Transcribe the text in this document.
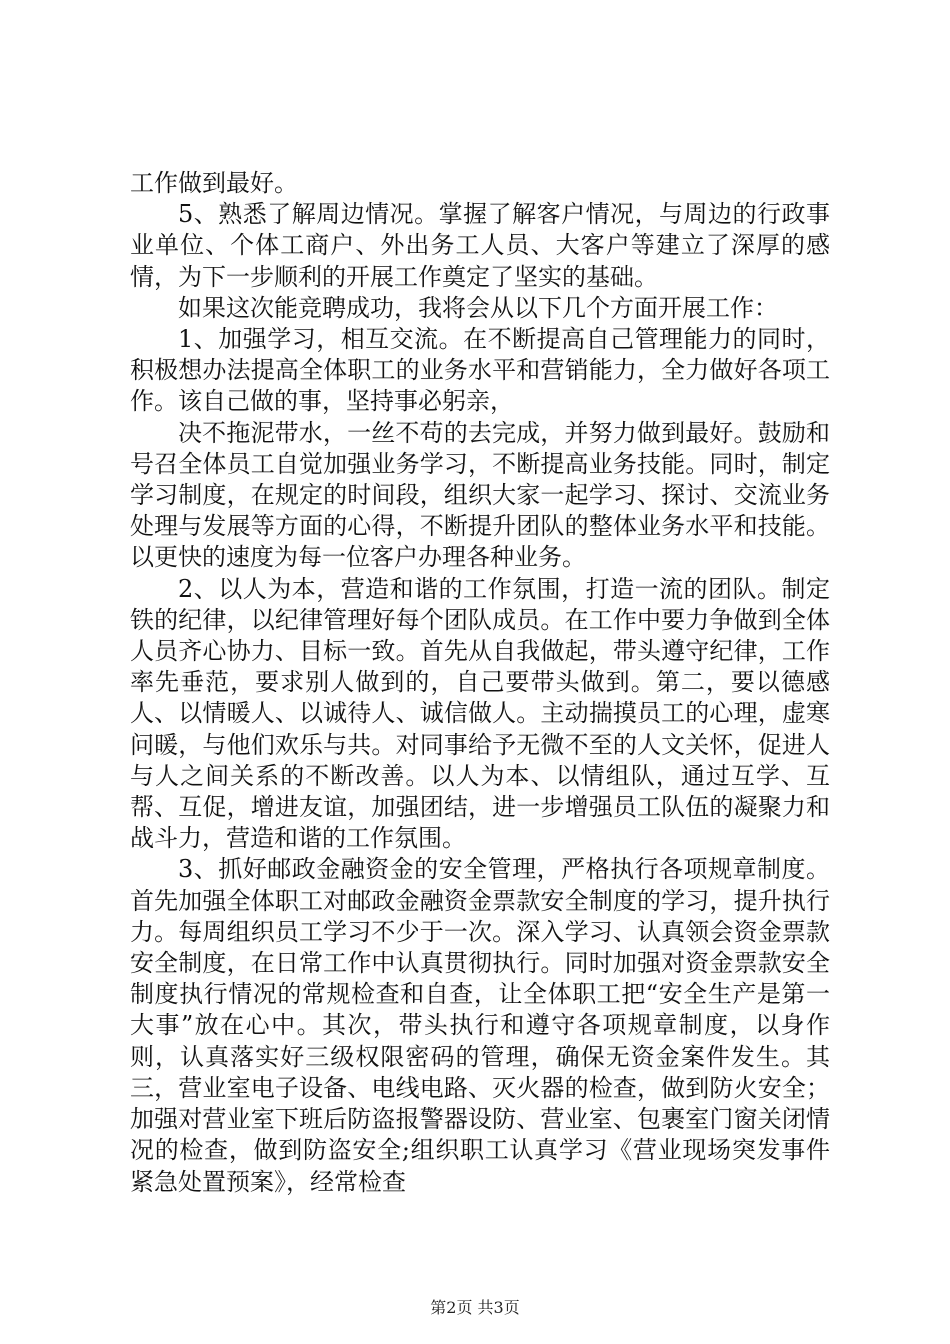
工作做到最好。

5、熟悉了解周边情况。掌握了解客户情况，与周边的行政事业单位、个体工商户、外出务工人员、大客户等建立了深厚的感情，为下一步顺利的开展工作奠定了坚实的基础。

如果这次能竞聘成功，我将会从以下几个方面开展工作：

1、加强学习，相互交流。在不断提高自己管理能力的同时，积极想办法提高全体职工的业务水平和营销能力，全力做好各项工作。该自己做的事，坚持事必躬亲，

决不拖泥带水，一丝不苟的去完成，并努力做到最好。鼓励和号召全体员工自觉加强业务学习，不断提高业务技能。同时，制定学习制度，在规定的时间段，组织大家一起学习、探讨、交流业务处理与发展等方面的心得，不断提升团队的整体业务水平和技能。以更快的速度为每一位客户办理各种业务。

2、以人为本，营造和谐的工作氛围，打造一流的团队。制定铁的纪律，以纪律管理好每个团队成员。在工作中要力争做到全体人员齐心协力、目标一致。首先从自我做起，带头遵守纪律，工作率先垂范，要求别人做到的，自己要带头做到。第二，要以德感人、以情暖人、以诚待人、诚信做人。主动揣摸员工的心理，虚寒问暖，与他们欢乐与共。对同事给予无微不至的人文关怀，促进人与人之间关系的不断改善。以人为本、以情组队，通过互学、互帮、互促，增进友谊，加强团结，进一步增强员工队伍的凝聚力和战斗力，营造和谐的工作氛围。

3、抓好邮政金融资金的安全管理，严格执行各项规章制度。首先加强全体职工对邮政金融资金票款安全制度的学习，提升执行力。每周组织员工学习不少于一次。深入学习、认真领会资金票款安全制度，在日常工作中认真贯彻执行。同时加强对资金票款安全制度执行情况的常规检查和自查，让全体职工把“安全生产是第一大事”放在心中。其次，带头执行和遵守各项规章制度，以身作则，认真落实好三级权限密码的管理，确保无资金案件发生。其三，营业室电子设备、电线电路、灭火器的检查，做到防火安全；加强对营业室下班后防盗报警器设防、营业室、包裹室门窗关闭情况的检查，做到防盗安全;组织职工认真学习《营业现场突发事件紧急处置预案》，经常检查

第2页 共3页
